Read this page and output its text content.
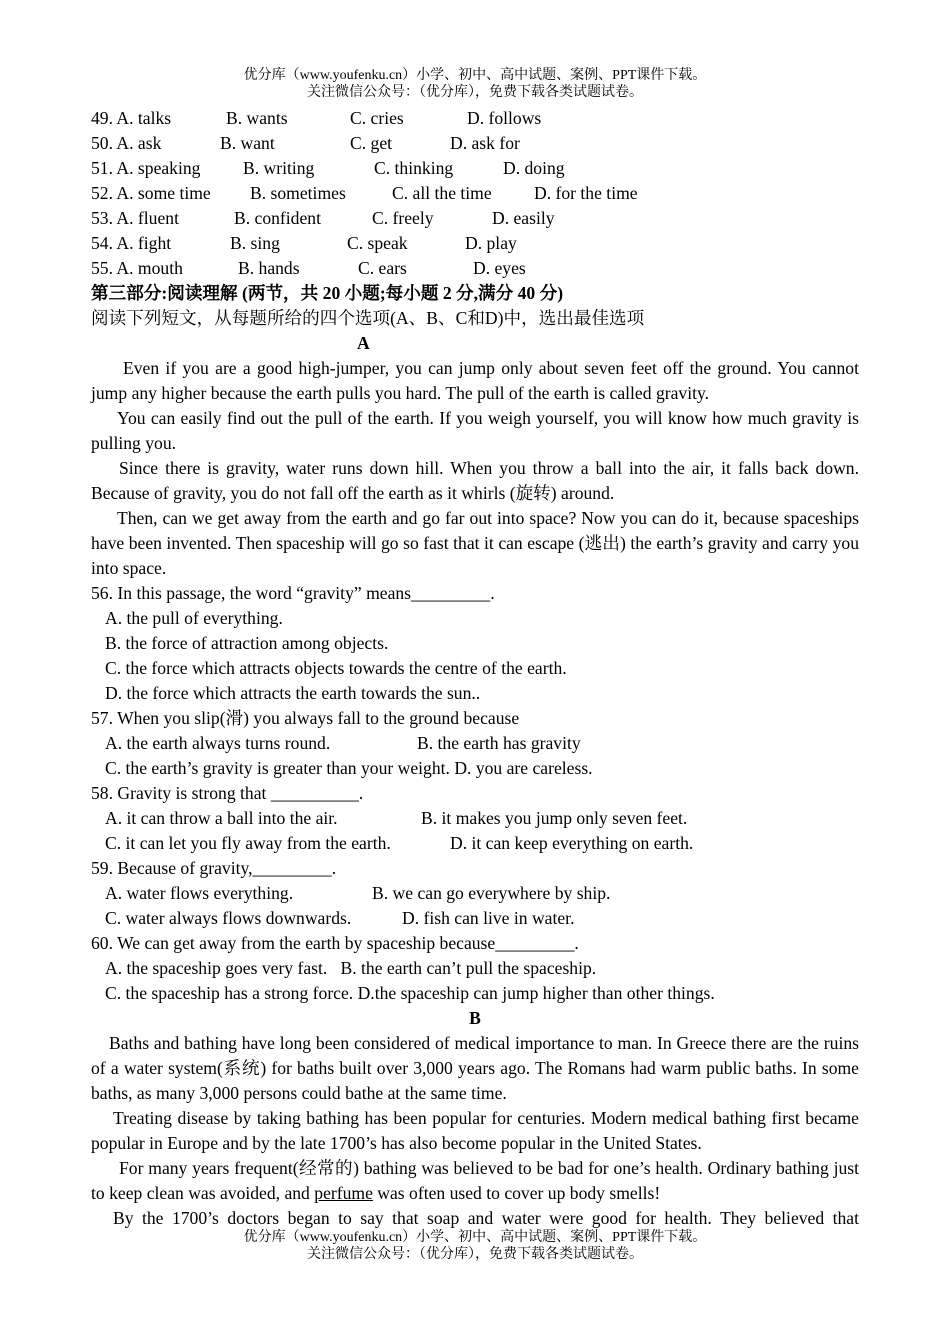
优分库（www.youfenku.cn）小学、初中、高中试题、案例、PPT课件下载。
关注微信公众号：（优分库），免费下载各类试题试卷。
49. A. talks	B. wants	C. cries	D. follows
50. A. ask	B. want	C. get	D. ask for
51. A. speaking B. writing	C. thinking	D. doing
52. A. some time B. sometimes	C. all the time D. for the time
53. A. fluent	B. confident	C. freely	D. easily
54. A. fight	B. sing	C. speak	D. play
55. A. mouth	B. hands	C. ears	D. eyes
第三部分:阅读理解 (两节，共 20 小题;每小题 2 分,满分 40 分)
阅读下列短文，从每题所给的四个选项(A、B、C和D)中，选出最佳选项
A
Even if you are a good high-jumper, you can jump only about seven feet off the ground. You cannot jump any higher because the earth pulls you hard. The pull of the earth is called gravity.
You can easily find out the pull of the earth. If you weigh yourself, you will know how much gravity is pulling you.
Since there is gravity, water runs down hill. When you throw a ball into the air, it falls back down. Because of gravity, you do not fall off the earth as it whirls (旋转) around.
Then, can we get away from the earth and go far out into space? Now you can do it, because spaceships have been invented. Then spaceship will go so fast that it can escape (逃出) the earth’s gravity and carry you into space.
56. In this passage, the word “gravity” means_________.
A. the pull of everything.
B. the force of attraction among objects.
C. the force which attracts objects towards the centre of the earth.
D. the force which attracts the earth towards the sun..
57. When you slip(滑) you always fall to the ground because
A. the earth always turns round.	B. the earth has gravity
C. the earth’s gravity is greater than your weight. D. you are careless.
58. Gravity is strong that __________.
A. it can throw a ball into the air.	B. it makes you jump only seven feet.
C. it can let you fly away from the earth.	D. it can keep everything on earth.
59. Because of gravity,_________.
A. water flows everything.	B. we can go everywhere by ship.
C. water always flows downwards.	D. fish can live in water.
60. We can get away from the earth by spaceship because_________.
A. the spaceship goes very fast.   B. the earth can’t pull the spaceship.
C. the spaceship has a strong force. D.the spaceship can jump higher than other things.
B
Baths and bathing have long been considered of medical importance to man. In Greece there are the ruins of a water system(系统) for baths built over 3,000 years ago. The Romans had warm public baths. In some baths, as many 3,000 persons could bathe at the same time.
Treating disease by taking bathing has been popular for centuries. Modern medical bathing first became popular in Europe and by the late 1700’s has also become popular in the United States.
For many years frequent(经常的) bathing was believed to be bad for one’s health. Ordinary bathing just to keep clean was avoided, and perfume was often used to cover up body smells!
By the 1700’s doctors began to say that soap and water were good for health. They believed that
优分库（www.youfenku.cn）小学、初中、高中试题、案例、PPT课件下载。
关注微信公众号：（优分库），免费下载各类试题试卷。
